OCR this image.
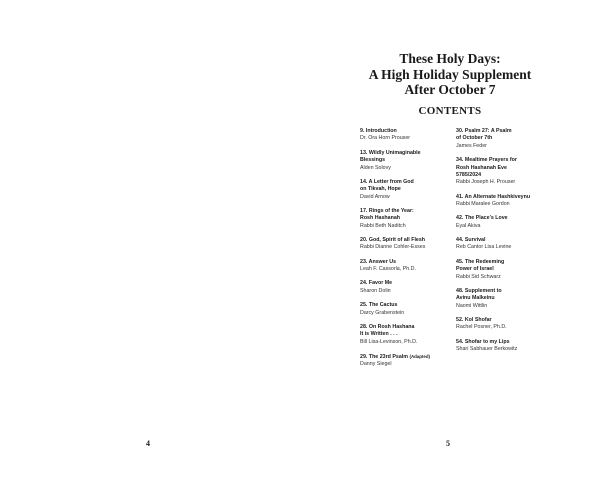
4
These Holy Days:
A High Holiday Supplement
After October 7
CONTENTS
9. Introduction
Dr. Ora Horn Prouser
13. Wildly Unimaginable
Blessings
Alden Solovy
14. A Letter from God
on Tikvah, Hope
David Arnow
17. Rings of the Year:
Rosh Hashanah
Rabbi Beth Naditch
20. God, Spirit of all Flesh
Rabbi Dianne Cohler-Esses
23. Answer Us
Leah F. Cassorla, Ph.D.
24. Favor Me
Sharon Dolin
25. The Cactus
Darcy Grabenstein
28. On Rosh Hashana
It is Written . . .
Bill Lisa-Levinson, Ph.D.
29. The 23rd Psalm (Adapted)
Danny Siegel
30. Psalm 27: A Psalm
of October 7th
James Feder
34. Mealtime Prayers for
Rosh Hashanah Eve
5785/2024
Rabbi Joseph H. Prouser
41. An Alternate Hashkiveynu
Rabbi Maralee Gordon
42. The Place's Love
Eyal Akiva
44. Survival
Reb Cantor Lisa Levine
45. The Redeeming
Power of Israel
Rabbi Sid Schwarz
48. Supplement to
Avinu Malkeinu
Naomi Wittlin
52. Kol Shofar
Rachel Posner, Ph.D.
54. Shofar to my Lips
Shari Sabhauer Berkowitz
5
